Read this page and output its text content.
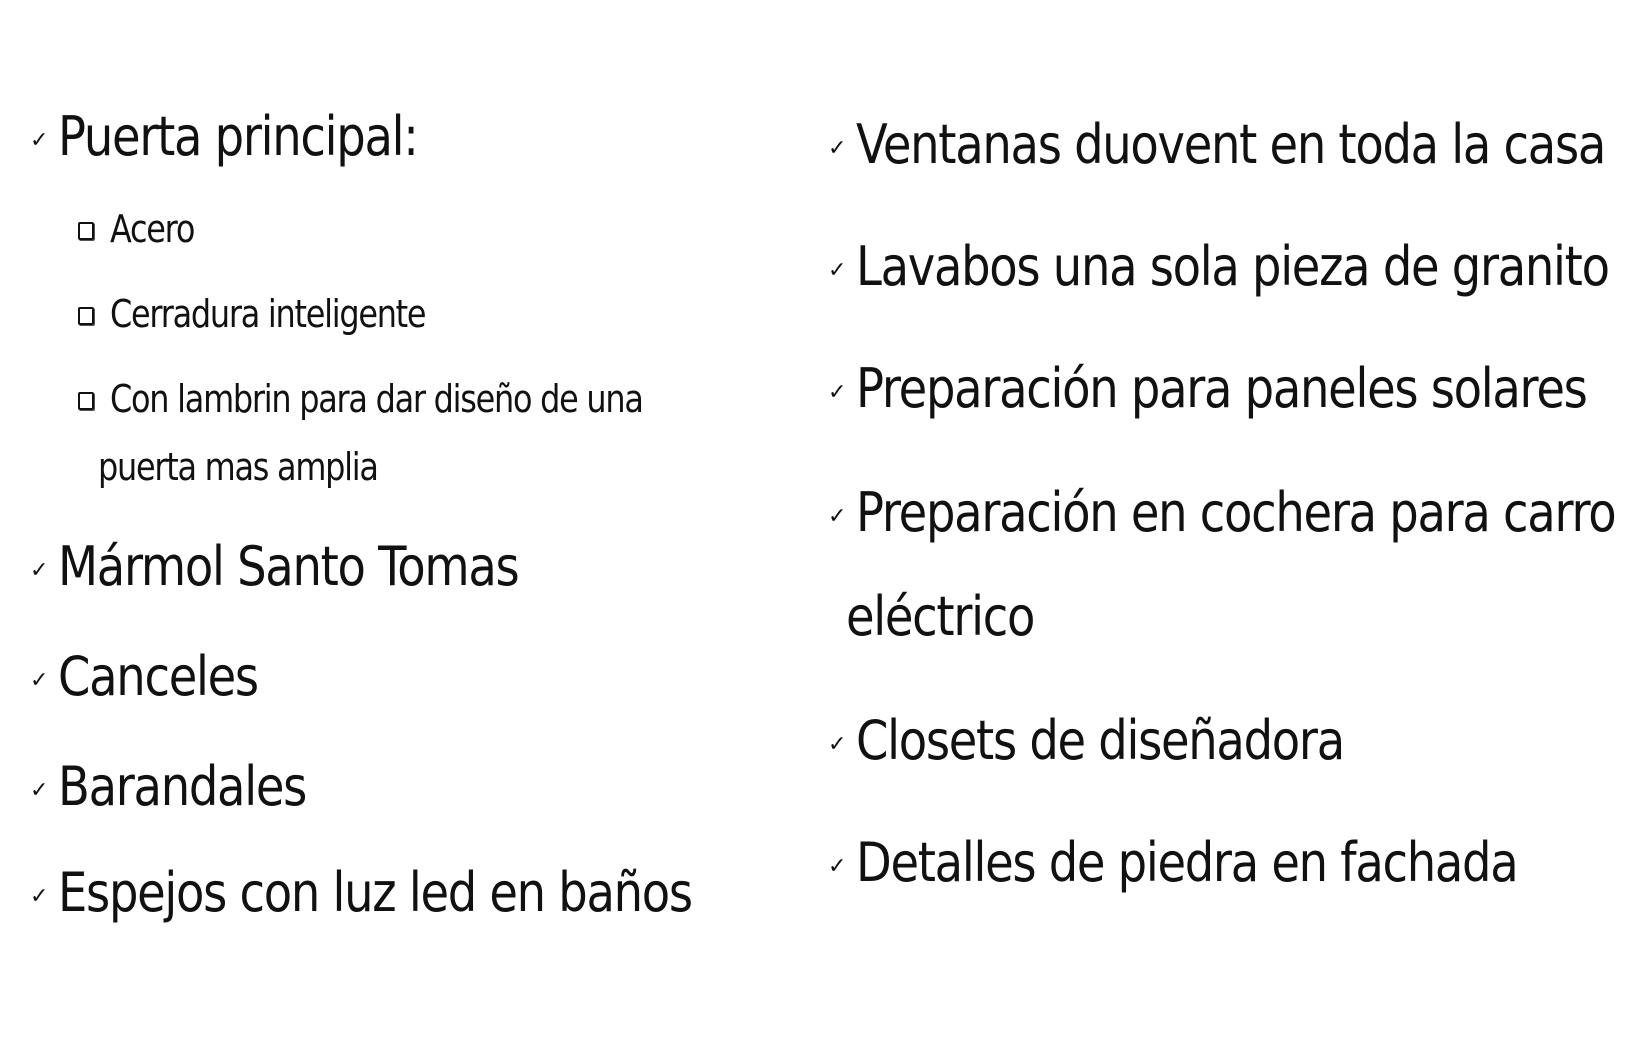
✓ Puerta principal:
Acero
Cerradura inteligente
Con lambrin para dar diseño de una
puerta mas amplia
✓ Mármol Santo Tomas
✓ Canceles
✓ Barandales
✓ Espejos con luz led en baños
✓ Ventanas duovent en toda la casa
✓ Lavabos una sola pieza de granito
✓ Preparación para paneles solares
✓ Preparación en cochera para carro
eléctrico
✓ Closets de diseñadora
✓ Detalles de piedra en fachada
